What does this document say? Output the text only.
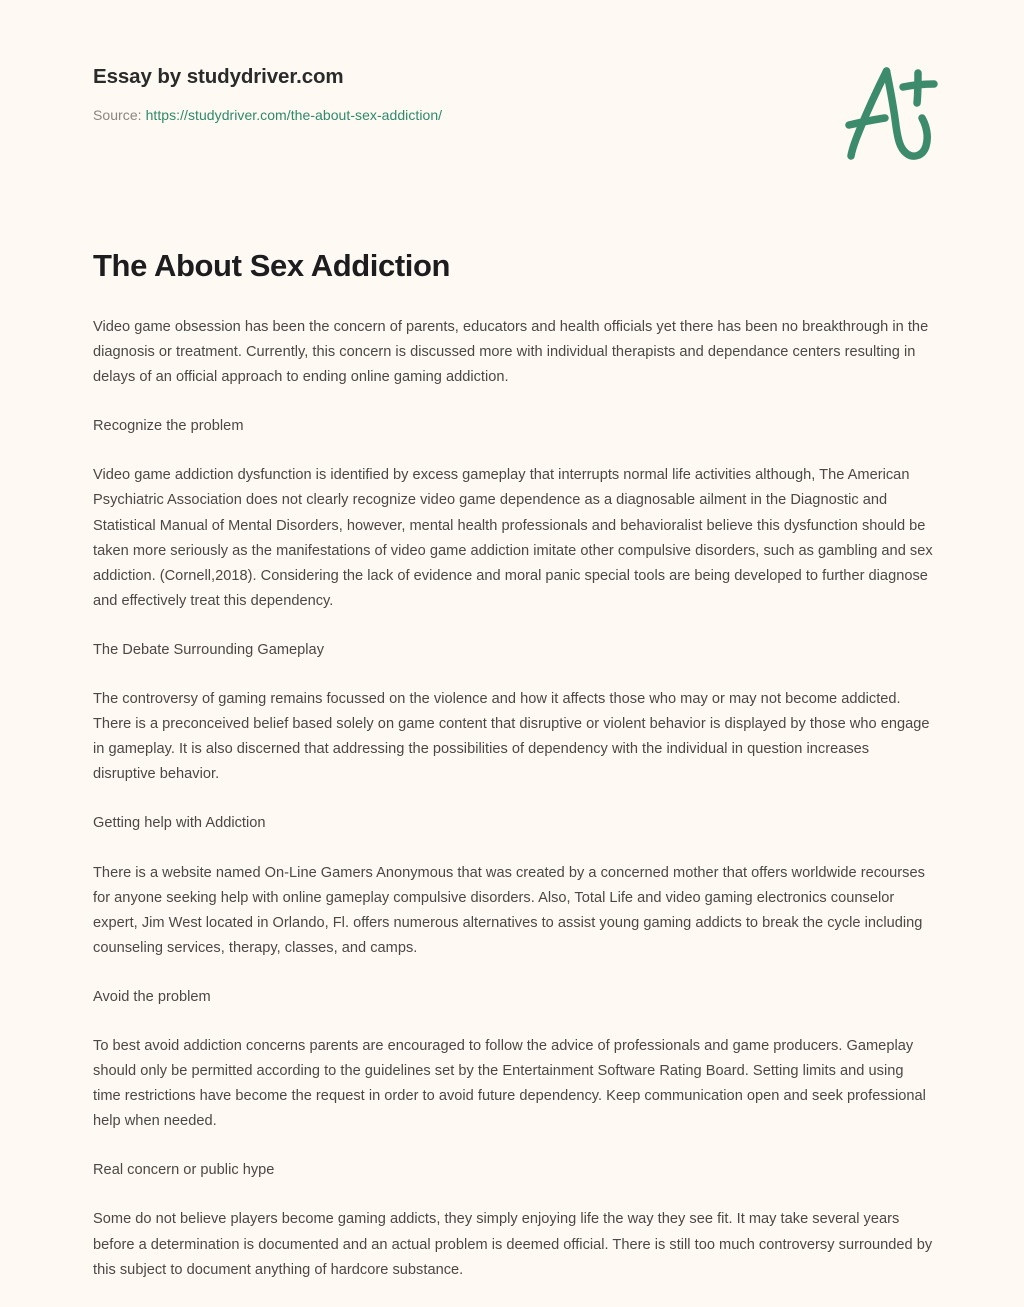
Essay by studydriver.com
Source: https://studydriver.com/the-about-sex-addiction/
The About Sex Addiction
Video game obsession has been the concern of parents, educators and health officials yet there has been no breakthrough in the diagnosis or treatment. Currently, this concern is discussed more with individual therapists and dependance centers resulting in delays of an official approach to ending online gaming addiction.
Recognize the problem
Video game addiction dysfunction is identified by excess gameplay that interrupts normal life activities although, The American Psychiatric Association does not clearly recognize video game dependence as a diagnosable ailment in the Diagnostic and Statistical Manual of Mental Disorders, however, mental health professionals and behavioralist believe this dysfunction should be taken more seriously as the manifestations of video game addiction imitate other compulsive disorders, such as gambling and sex addiction. (Cornell,2018). Considering the lack of evidence and moral panic special tools are being developed to further diagnose and effectively treat this dependency.
The Debate Surrounding Gameplay
The controversy of gaming remains focussed on the violence and how it affects those who may or may not become addicted. There is a preconceived belief based solely on game content that disruptive or violent behavior is displayed by those who engage in gameplay. It is also discerned that addressing the possibilities of dependency with the individual in question increases disruptive behavior.
Getting help with Addiction
There is a website named On-Line Gamers Anonymous that was created by a concerned mother that offers worldwide recourses for anyone seeking help with online gameplay compulsive disorders. Also, Total Life and video gaming electronics counselor expert, Jim West located in Orlando, Fl. offers numerous alternatives to assist young gaming addicts to break the cycle including counseling services, therapy, classes, and camps.
Avoid the problem
To best avoid addiction concerns parents are encouraged to follow the advice of professionals and game producers. Gameplay should only be permitted according to the guidelines set by the Entertainment Software Rating Board. Setting limits and using time restrictions have become the request in order to avoid future dependency. Keep communication open and seek professional help when needed.
Real concern or public hype
Some do not believe players become gaming addicts, they simply enjoying life the way they see fit. It may take several years before a determination is documented and an actual problem is deemed official. There is still too much controversy surrounded by this subject to document anything of hardcore substance.
